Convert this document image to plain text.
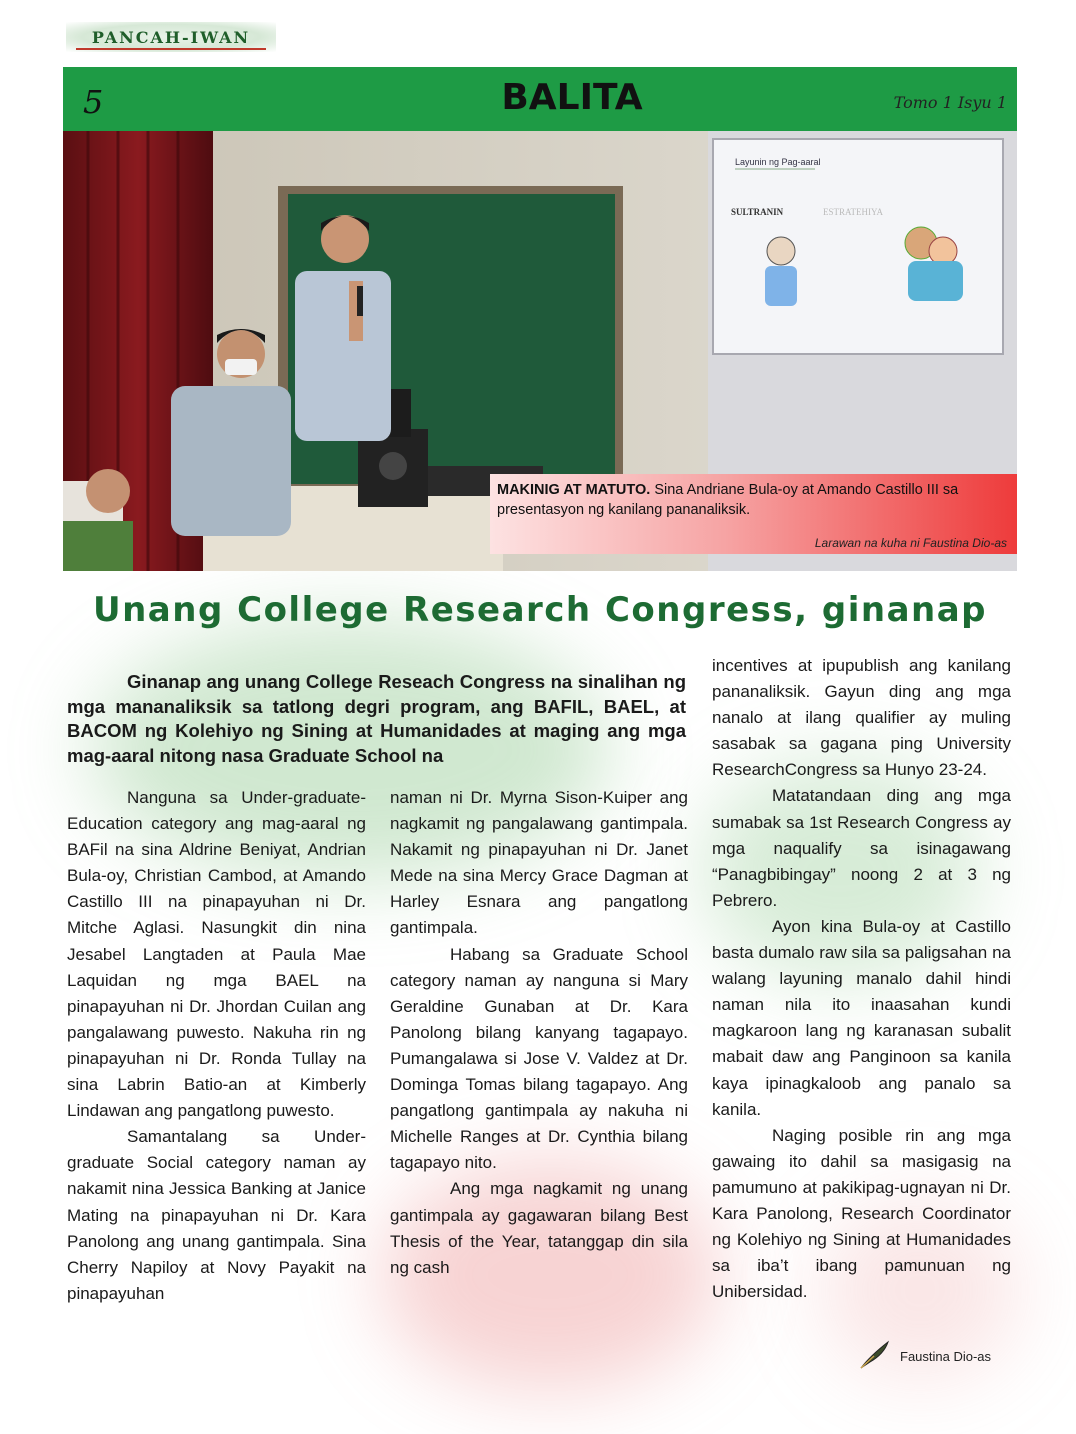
PANCAH-IWAN
5	BALITA	Tomo 1 Isyu 1
Layunin ng Pag-aaral
SULTRANIN	ESTRATEHIYA
MAKINIG AT MATUTO. Sina Andriane Bula-oy at Amando Castillo III sa presentasyon ng kanilang pananaliksik.
Larawan na kuha ni Faustina Dio-as
Unang College Research Congress, ginanap
Ginanap ang unang College Reseach Congress na sinalihan ng mga mananaliksik sa tatlong degri program, ang BAFIL, BAEL, at BACOM ng Kolehiyo ng Sining at Humanidades at maging ang mga mag-aaral nitong nasa Graduate School na

Nanguna sa Under-graduate-Education category ang mag-aaral ng BAFil na sina Aldrine Beniyat, Andrian Bula-oy, Christian Cambod, at Amando Castillo III na pinapayuhan ni Dr. Mitche Aglasi. Nasungkit din nina Jesabel Langtaden at Paula Mae Laquidan ng mga BAEL na pinapayuhan ni Dr. Jhordan Cuilan ang pangalawang puwesto. Nakuha rin ng pinapayuhan ni Dr. Ronda Tullay na sina Labrin Batio-an at Kimberly Lindawan ang pangatlong puwesto.

Samantalang sa Under-graduate Social category naman ay nakamit nina Jessica Banking at Janice Mating na pinapayuhan ni Dr. Kara Panolong ang unang gantimpala. Sina Cherry Napiloy at Novy Payakit na pinapayuhan

naman ni Dr. Myrna Sison-Kuiper ang nagkamit ng pangalawang gantimpala. Nakamit ng pinapayuhan ni Dr. Janet Mede na sina Mercy Grace Dagman at Harley Esnara ang pangatlong gantimpala.

Habang sa Graduate School category naman ay nanguna si Mary Geraldine Gunaban at Dr. Kara Panolong bilang kanyang tagapayo. Pumangalawa si Jose V. Valdez at Dr. Dominga Tomas bilang tagapayo. Ang pangatlong gantimpala ay nakuha ni Michelle Ranges at Dr. Cynthia bilang tagapayo nito.

Ang mga nagkamit ng unang gantimpala ay gagawaran bilang Best Thesis of the Year, tatanggap din sila ng cash

incentives at ipupublish ang kanilang pananaliksik. Gayun ding ang mga nanalo at ilang qualifier ay muling sasabak sa gagana ping University ResearchCongress sa Hunyo 23-24.

Matatandaan ding ang mga sumabak sa 1st Research Congress ay mga naqualify sa isinagawang “Panagbibingay” noong 2 at 3 ng Pebrero.

Ayon kina Bula-oy at Castillo basta dumalo raw sila sa paligsahan na walang layuning manalo dahil hindi naman nila ito inaasahan kundi magkaroon lang ng karanasan subalit mabait daw ang Panginoon sa kanila kaya ipinagkaloob ang panalo sa kanila.

Naging posible rin ang mga gawaing ito dahil sa masigasig na pamumuno at pakikipag-ugnayan ni Dr. Kara Panolong, Research Coordinator ng Kolehiyo ng Sining at Humanidades sa iba’t ibang pamunuan ng Unibersidad.

Faustina Dio-as
